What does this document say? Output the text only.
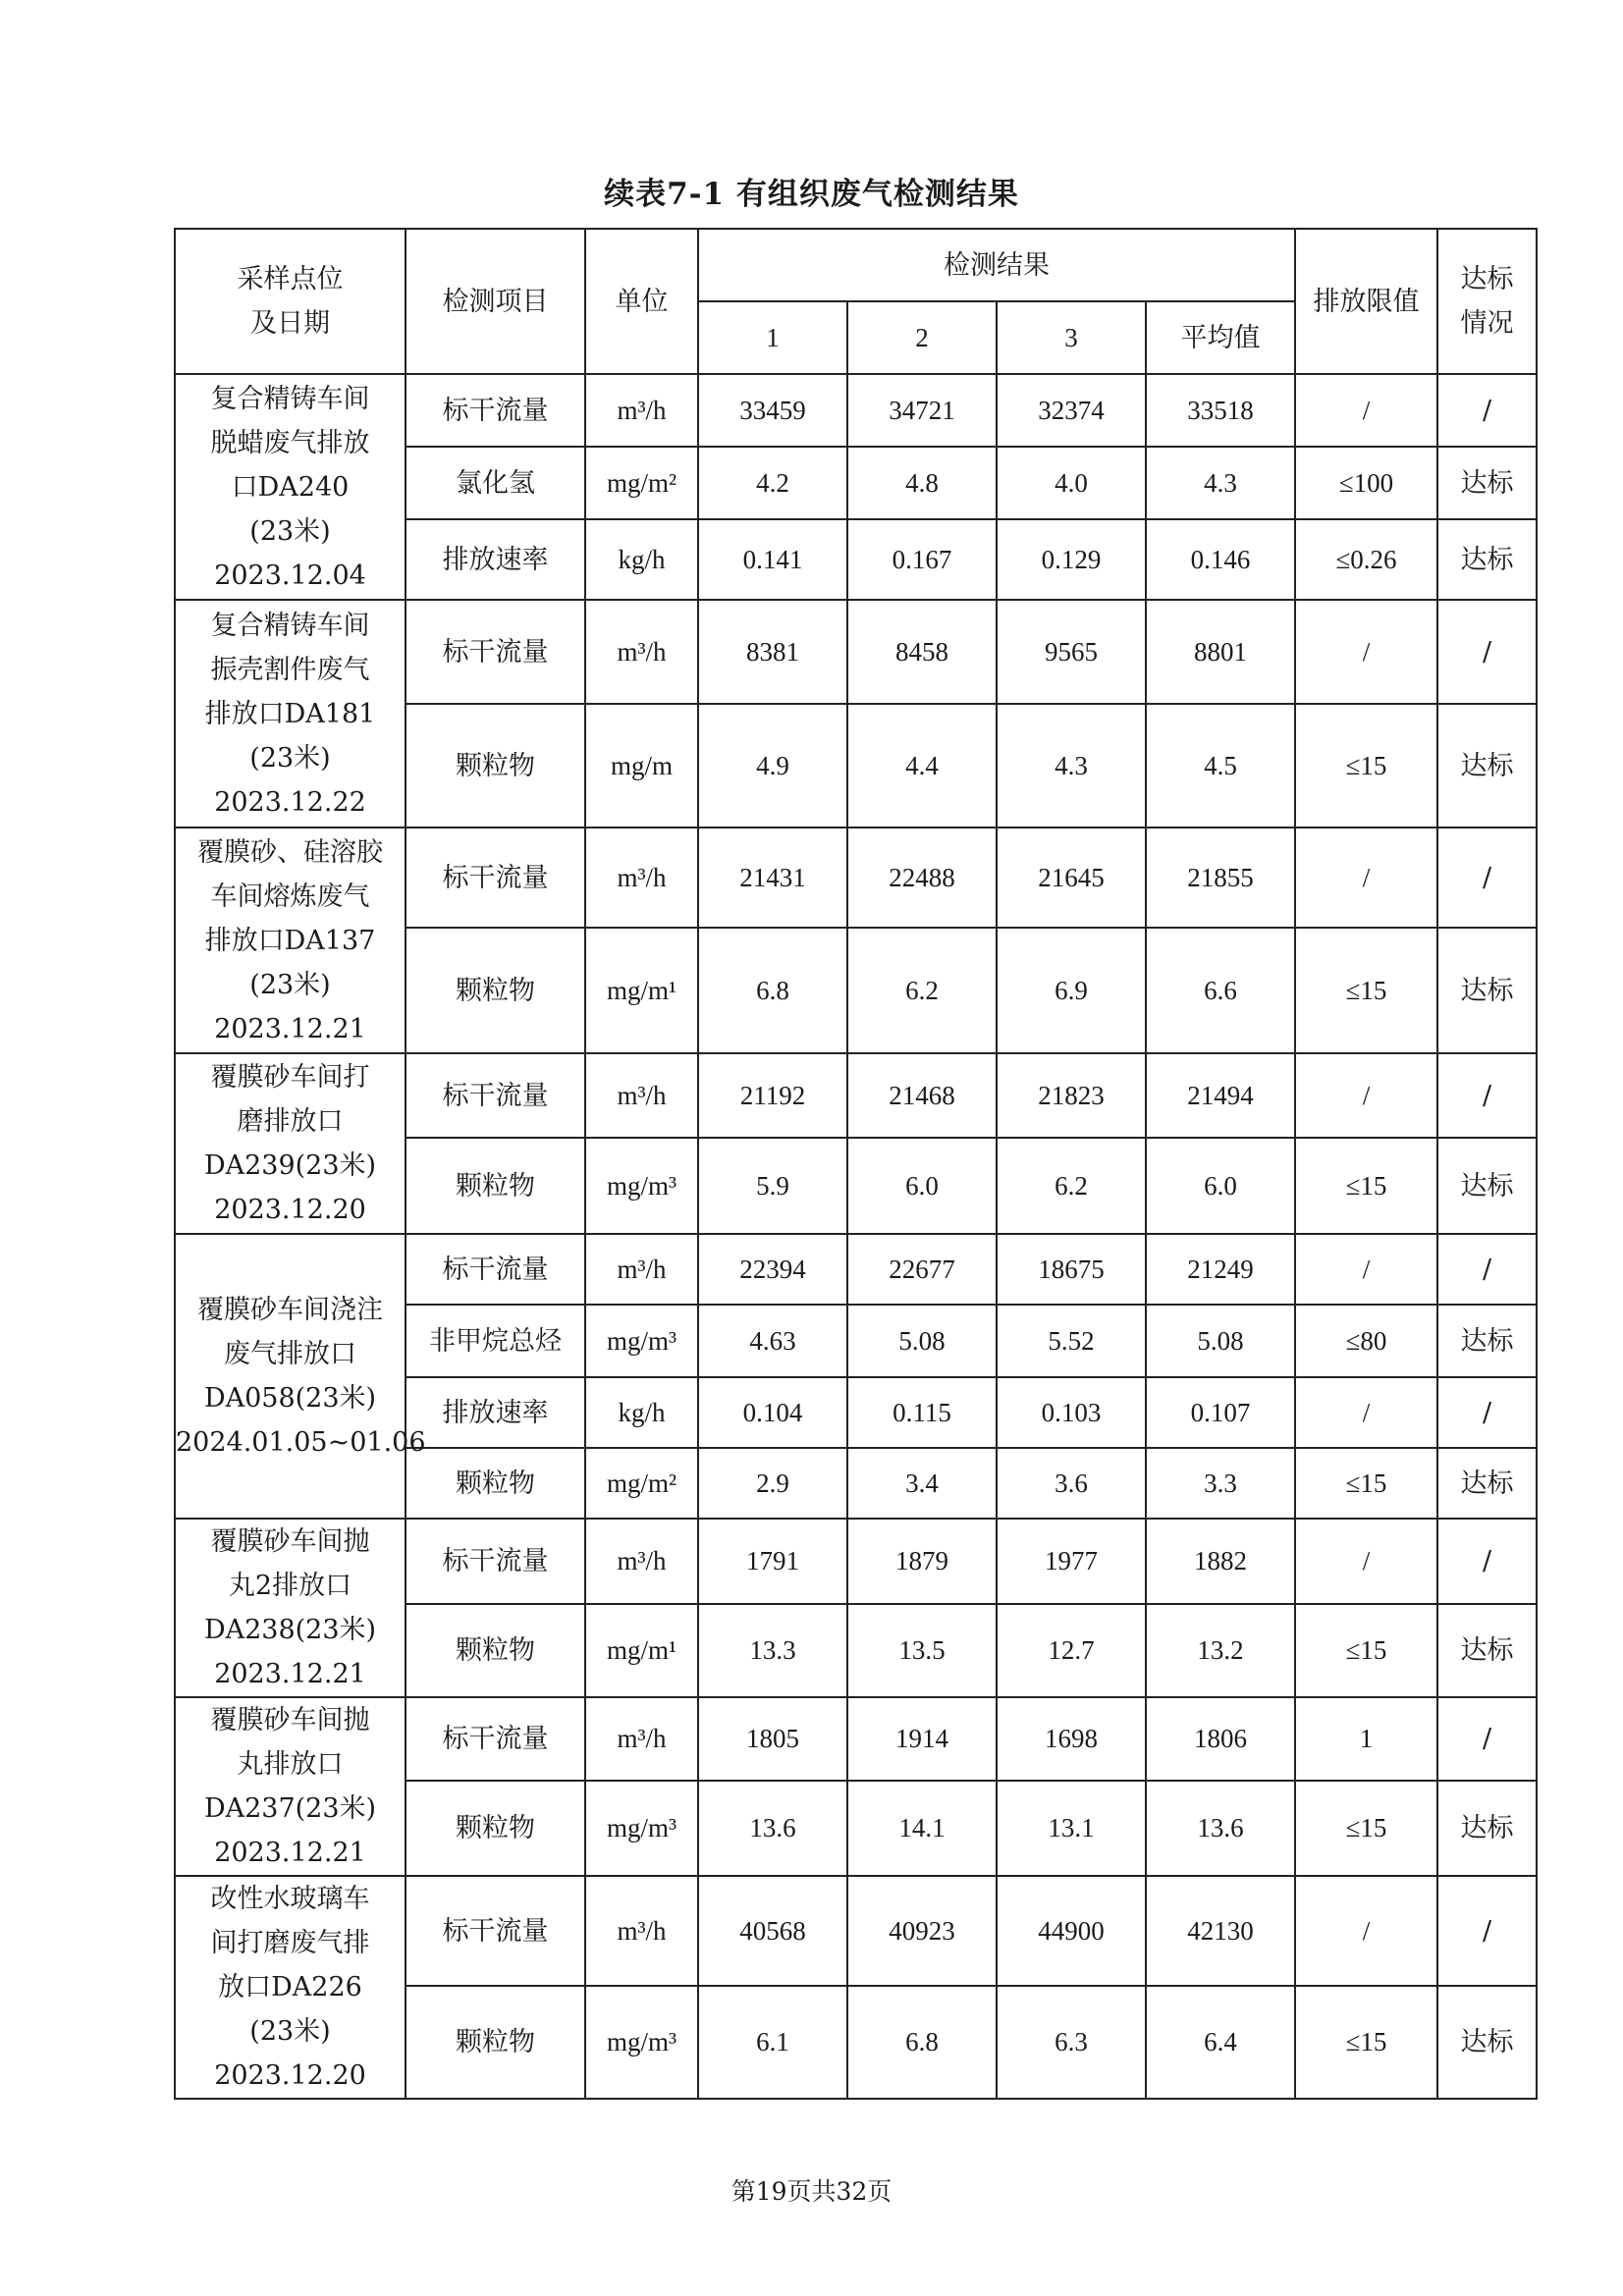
续表7-1 有组织废气检测结果
采样点位
及日期	检测项目	单位	检测结果				排放限值	达标
情况

			1	2	3	平均值		

复合精铸车间
脱蜡废气排放
口DA240
(23米)
2023.12.04	标干流量	m³/h	33459	34721	32374	33518	/	/
	氯化氢	mg/m²	4.2	4.8	4.0	4.3	≤100	达标
	排放速率	kg/h	0.141	0.167	0.129	0.146	≤0.26	达标

复合精铸车间
振壳割件废气
排放口DA181
(23米)
2023.12.22	标干流量	m³/h	8381	8458	9565	8801	/	/
	颗粒物	mg/m	4.9	4.4	4.3	4.5	≤15	达标

覆膜砂、硅溶胶
车间熔炼废气
排放口DA137
(23米)
2023.12.21	标干流量	m³/h	21431	22488	21645	21855	/	/
	颗粒物	mg/m¹	6.8	6.2	6.9	6.6	≤15	达标

覆膜砂车间打
磨排放口
DA239(23米)
2023.12.20	标干流量	m³/h	21192	21468	21823	21494	/	/
	颗粒物	mg/m³	5.9	6.0	6.2	6.0	≤15	达标

覆膜砂车间浇注
废气排放口
DA058(23米)
2024.01.05~01.06	标干流量	m³/h	22394	22677	18675	21249	/	/
	非甲烷总烃	mg/m³	4.63	5.08	5.52	5.08	≤80	达标
	排放速率	kg/h	0.104	0.115	0.103	0.107	/	/
	颗粒物	mg/m²	2.9	3.4	3.6	3.3	≤15	达标

覆膜砂车间抛
丸2排放口
DA238(23米)
2023.12.21	标干流量	m³/h	1791	1879	1977	1882	/	/
	颗粒物	mg/m¹	13.3	13.5	12.7	13.2	≤15	达标

覆膜砂车间抛
丸排放口
DA237(23米)
2023.12.21	标干流量	m³/h	1805	1914	1698	1806	1	/
	颗粒物	mg/m³	13.6	14.1	13.1	13.6	≤15	达标

改性水玻璃车
间打磨废气排
放口DA226
(23米)
2023.12.20	标干流量	m³/h	40568	40923	44900	42130	/	/
	颗粒物	mg/m³	6.1	6.8	6.3	6.4	≤15	达标
第19页共32页
